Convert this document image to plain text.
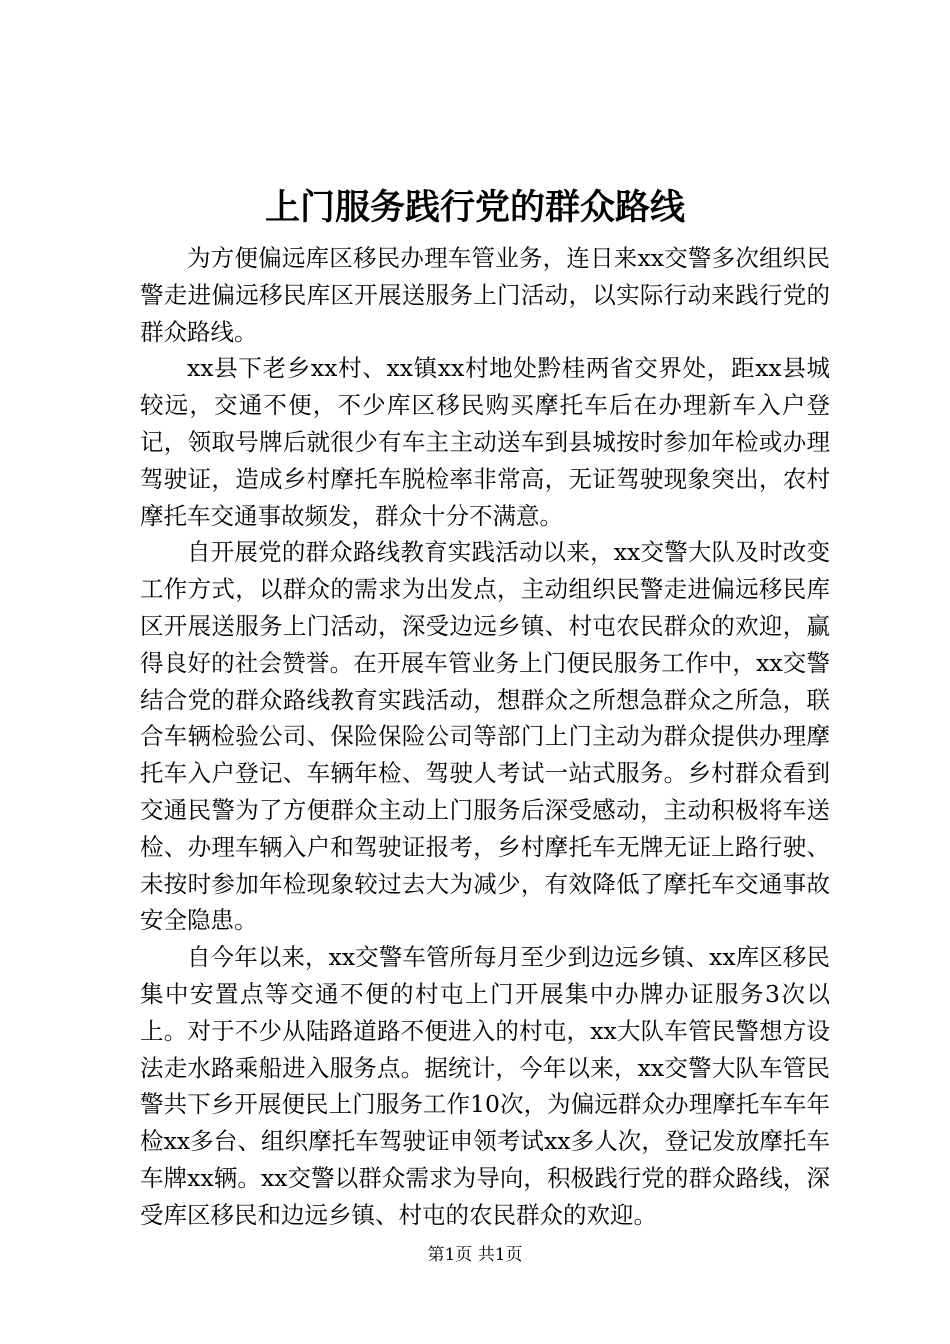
上门服务践行党的群众路线

为方便偏远库区移民办理车管业务，连日来xx交警多次组织民警走进偏远移民库区开展送服务上门活动，以实际行动来践行党的群众路线。

xx县下老乡xx村、xx镇xx村地处黔桂两省交界处，距xx县城较远，交通不便，不少库区移民购买摩托车后在办理新车入户登记，领取号牌后就很少有车主主动送车到县城按时参加年检或办理驾驶证，造成乡村摩托车脱检率非常高，无证驾驶现象突出，农村摩托车交通事故频发，群众十分不满意。

自开展党的群众路线教育实践活动以来，xx交警大队及时改变工作方式，以群众的需求为出发点，主动组织民警走进偏远移民库区开展送服务上门活动，深受边远乡镇、村屯农民群众的欢迎，赢得良好的社会赞誉。在开展车管业务上门便民服务工作中，xx交警结合党的群众路线教育实践活动，想群众之所想急群众之所急，联合车辆检验公司、保险保险公司等部门上门主动为群众提供办理摩托车入户登记、车辆年检、驾驶人考试一站式服务。乡村群众看到交通民警为了方便群众主动上门服务后深受感动，主动积极将车送检、办理车辆入户和驾驶证报考，乡村摩托车无牌无证上路行驶、未按时参加年检现象较过去大为减少，有效降低了摩托车交通事故安全隐患。

自今年以来，xx交警车管所每月至少到边远乡镇、xx库区移民集中安置点等交通不便的村屯上门开展集中办牌办证服务3次以上。对于不少从陆路道路不便进入的村屯，xx大队车管民警想方设法走水路乘船进入服务点。据统计，今年以来，xx交警大队车管民警共下乡开展便民上门服务工作10次，为偏远群众办理摩托车车年检xx多台、组织摩托车驾驶证申领考试xx多人次，登记发放摩托车车牌xx辆。xx交警以群众需求为导向，积极践行党的群众路线，深受库区移民和边远乡镇、村屯的农民群众的欢迎。

第1页 共1页
